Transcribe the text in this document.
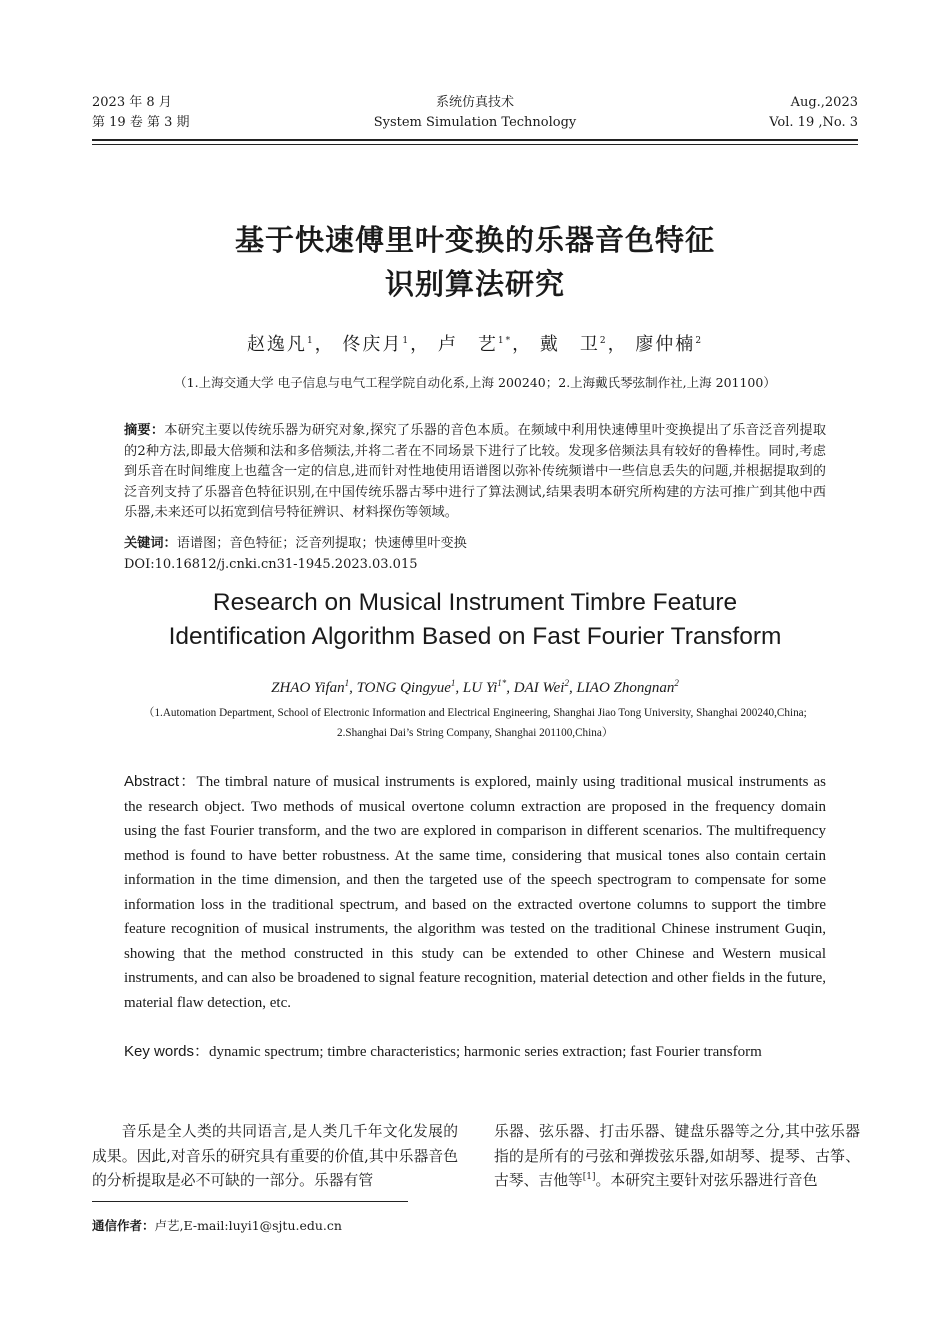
2023 年 8 月
第 19 卷 第 3 期
系统仿真技术
System Simulation Technology
Aug.,2023
Vol. 19 ,No. 3
基于快速傅里叶变换的乐器音色特征
识别算法研究
赵逸凡$^1$， 佟庆月$^1$， 卢　艺$^{1*}$， 戴　卫$^2$， 廖仲楠$^2$
（1.上海交通大学 电子信息与电气工程学院自动化系,上海 200240；2.上海戴氏琴弦制作社,上海 201100）
摘要：本研究主要以传统乐器为研究对象,探究了乐器的音色本质。在频域中利用快速傅里叶变换提出了乐音泛音列提取的2种方法,即最大倍频和法和多倍频法,并将二者在不同场景下进行了比较。发现多倍频法具有较好的鲁棒性。同时,考虑到乐音在时间维度上也蕴含一定的信息,进而针对性地使用语谱图以弥补传统频谱中一些信息丢失的问题,并根据提取到的泛音列支持了乐器音色特征识别,在中国传统乐器古琴中进行了算法测试,结果表明本研究所构建的方法可推广到其他中西乐器,未来还可以拓宽到信号特征辨识、材料探伤等领域。
关键词：语谱图；音色特征；泛音列提取；快速傅里叶变换
DOI:10.16812/j.cnki.cn31-1945.2023.03.015
Research on Musical Instrument Timbre Feature
Identification Algorithm Based on Fast Fourier Transform
ZHAO Yifan$^1$, TONG Qingyue$^1$, LU $Yi^{1*}$, DAI Wei$^2$, LIAO Zhongnan$^2$
（1.Automation Department, School of Electronic Information and Electrical Engineering, Shanghai Jiao Tong University, Shanghai 200240,China;
2.Shanghai Dai’s String Company, Shanghai 201100,China）
Abstract：The timbral nature of musical instruments is explored, mainly using traditional musical instruments as the research object. Two methods of musical overtone column extraction are proposed in the frequency domain using the fast Fourier transform, and the two are explored in comparison in different scenarios. The multifrequency method is found to have better robustness. At the same time, considering that musical tones also contain certain information in the time dimension, and then the targeted use of the speech spectrogram to compensate for some information loss in the traditional spectrum, and based on the extracted overtone columns to support the timbre feature recognition of musical instruments, the algorithm was tested on the traditional Chinese instrument Guqin, showing that the method constructed in this study can be extended to other Chinese and Western musical instruments, and can also be broadened to signal feature recognition, material detection and other fields in the future, material flaw detection, etc.
Key words：dynamic spectrum; timbre characteristics; harmonic series extraction; fast Fourier transform
音乐是全人类的共同语言,是人类几千年文化发展的成果。因此,对音乐的研究具有重要的价值,其中乐器音色的分析提取是必不可缺的一部分。乐器有管
乐器、弦乐器、打击乐器、键盘乐器等之分,其中弦乐器指的是所有的弓弦和弹拨弦乐器,如胡琴、提琴、古筝、古琴、吉他等[1]。本研究主要针对弦乐器进行音色
通信作者：卢艺,E-mail:luyi1@sjtu.edu.cn
